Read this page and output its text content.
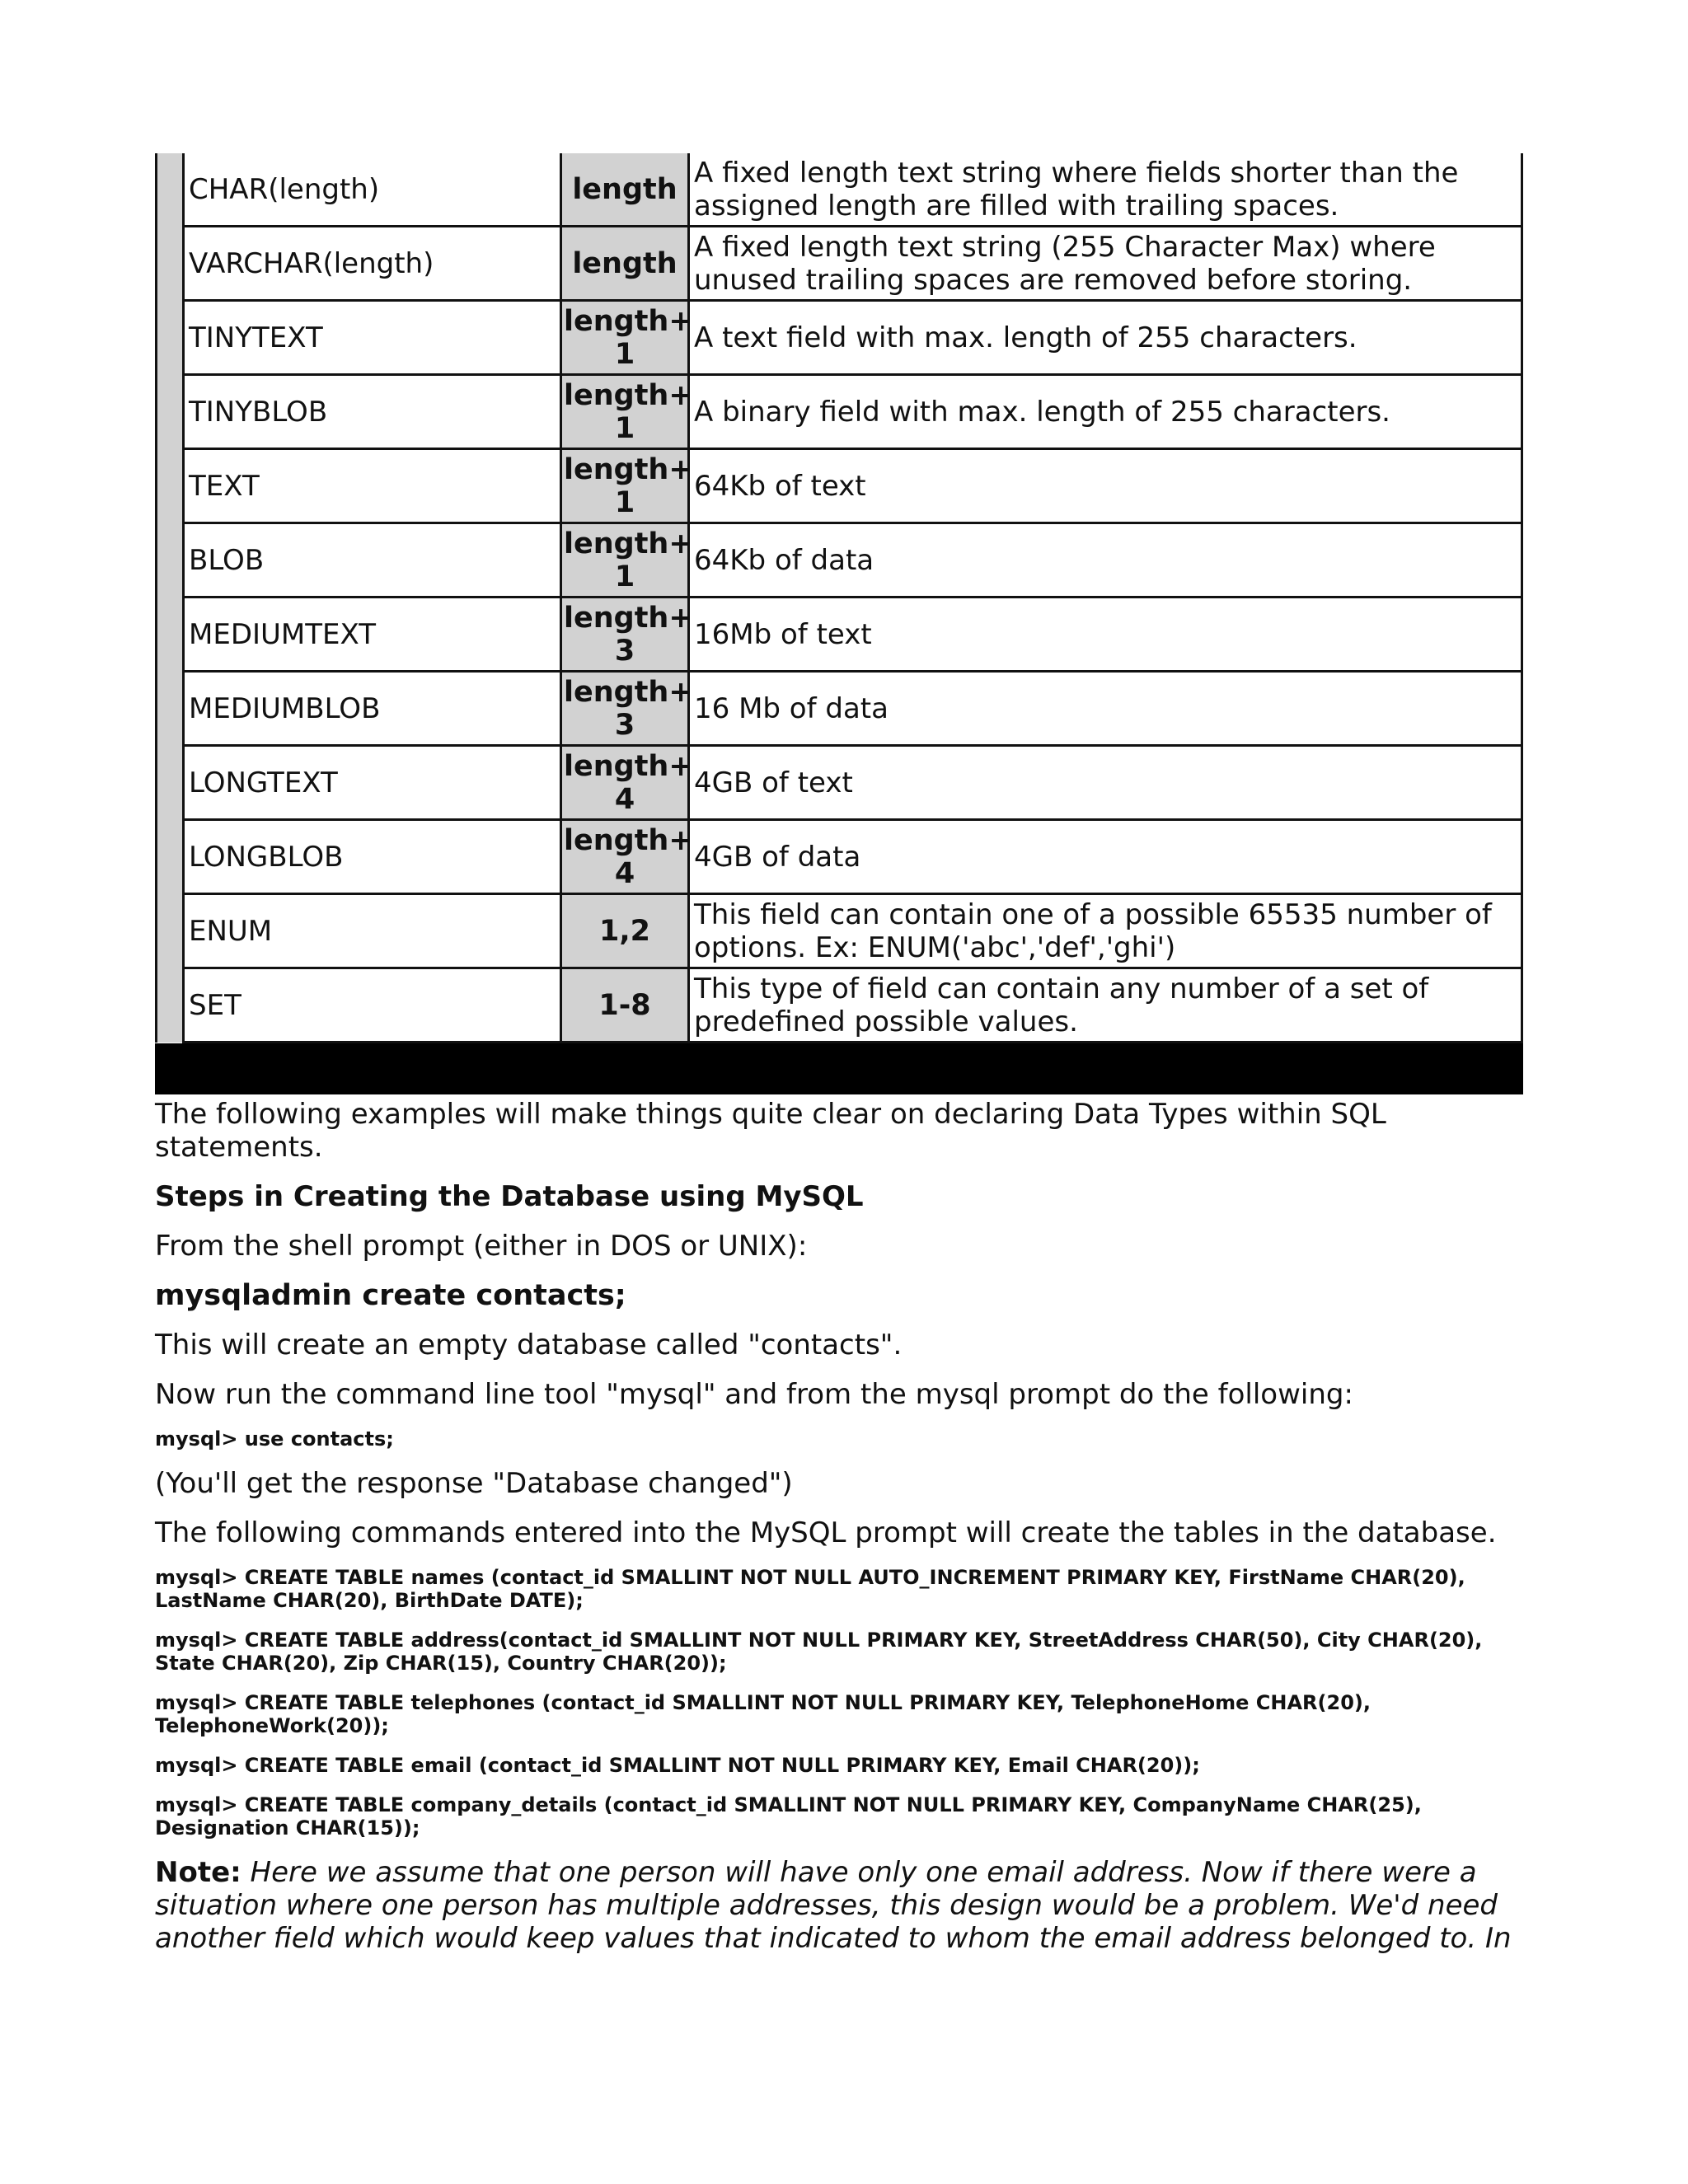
	CHAR(length)	length	A fixed length text string where fields shorter than the assigned length are filled with trailing spaces.
	VARCHAR(length)	length	A fixed length text string (255 Character Max) where unused trailing spaces are removed before storing.
	TINYTEXT	length+ 1	A text field with max. length of 255 characters.
	TINYBLOB	length+ 1	A binary field with max. length of 255 characters.
	TEXT	length+ 1	64Kb of text
	BLOB	length+ 1	64Kb of data
	MEDIUMTEXT	length+ 3	16Mb of text
	MEDIUMBLOB	length+ 3	16 Mb of data
	LONGTEXT	length+ 4	4GB of text
	LONGBLOB	length+ 4	4GB of data
	ENUM	1,2	This field can contain one of a possible 65535 number of options. Ex: ENUM('abc','def','ghi')
	SET	1-8	This type of field can contain any number of a set of predefined possible values.

The following examples will make things quite clear on declaring Data Types within SQL statements.

Steps in Creating the Database using MySQL

From the shell prompt (either in DOS or UNIX):

mysqladmin create contacts;

This will create an empty database called "contacts".

Now run the command line tool "mysql" and from the mysql prompt do the following:

mysql> use contacts;

(You'll get the response "Database changed")

The following commands entered into the MySQL prompt will create the tables in the database.

mysql> CREATE TABLE names (contact_id SMALLINT NOT NULL AUTO_INCREMENT PRIMARY KEY, FirstName CHAR(20), LastName CHAR(20), BirthDate DATE);

mysql> CREATE TABLE address(contact_id SMALLINT NOT NULL PRIMARY KEY, StreetAddress CHAR(50), City CHAR(20), State CHAR(20), Zip CHAR(15), Country CHAR(20));

mysql> CREATE TABLE telephones (contact_id SMALLINT NOT NULL PRIMARY KEY, TelephoneHome CHAR(20), TelephoneWork(20));

mysql> CREATE TABLE email (contact_id SMALLINT NOT NULL PRIMARY KEY, Email CHAR(20));

mysql> CREATE TABLE company_details (contact_id SMALLINT NOT NULL PRIMARY KEY, CompanyName CHAR(25), Designation CHAR(15));

Note: Here we assume that one person will have only one email address. Now if there were a situation where one person has multiple addresses, this design would be a problem. We'd need another field which would keep values that indicated to whom the email address belonged to. In
